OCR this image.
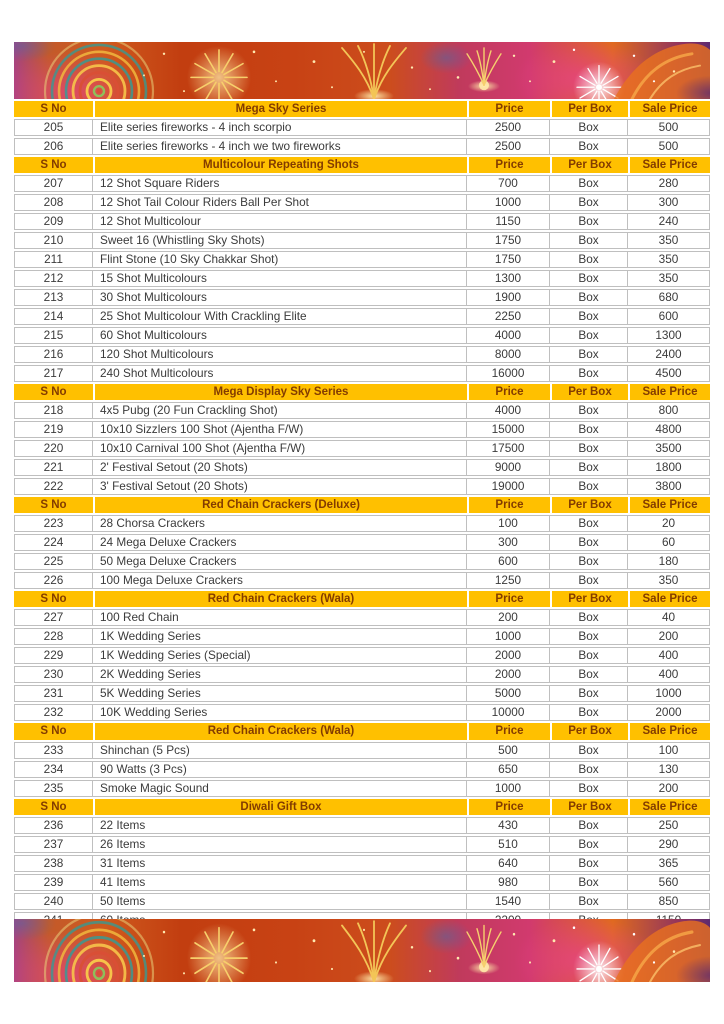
S No	Mega Sky Series	Price	Per Box	Sale Price
205	Elite series fireworks - 4 inch scorpio	2500	Box	500
206	Elite series fireworks - 4 inch we two fireworks	2500	Box	500
S No	Multicolour Repeating Shots	Price	Per Box	Sale Price
207	12 Shot Square Riders	700	Box	280
208	12 Shot Tail Colour Riders Ball Per Shot	1000	Box	300
209	12 Shot Multicolour	1150	Box	240
210	Sweet 16 (Whistling Sky Shots)	1750	Box	350
211	Flint Stone (10 Sky Chakkar Shot)	1750	Box	350
212	15 Shot Multicolours	1300	Box	350
213	30 Shot Multicolours	1900	Box	680
214	25 Shot Multicolour With Crackling Elite	2250	Box	600
215	60 Shot Multicolours	4000	Box	1300
216	120 Shot Multicolours	8000	Box	2400
217	240 Shot Multicolours	16000	Box	4500
S No	Mega Display Sky Series	Price	Per Box	Sale Price
218	4x5 Pubg (20 Fun Crackling Shot)	4000	Box	800
219	10x10 Sizzlers 100 Shot (Ajentha F/W)	15000	Box	4800
220	10x10 Carnival 100 Shot (Ajentha F/W)	17500	Box	3500
221	2' Festival Setout (20 Shots)	9000	Box	1800
222	3' Festival Setout (20 Shots)	19000	Box	3800
S No	Red Chain Crackers (Deluxe)	Price	Per Box	Sale Price
223	28 Chorsa Crackers	100	Box	20
224	24 Mega Deluxe Crackers	300	Box	60
225	50 Mega Deluxe Crackers	600	Box	180
226	100 Mega Deluxe Crackers	1250	Box	350
S No	Red Chain Crackers (Wala)	Price	Per Box	Sale Price
227	100 Red Chain	200	Box	40
228	1K Wedding Series	1000	Box	200
229	1K Wedding Series (Special)	2000	Box	400
230	2K Wedding Series	2000	Box	400
231	5K Wedding Series	5000	Box	1000
232	10K Wedding Series	10000	Box	2000
S No	Red Chain Crackers (Wala)	Price	Per Box	Sale Price
233	Shinchan (5 Pcs)	500	Box	100
234	90 Watts (3 Pcs)	650	Box	130
235	Smoke Magic Sound	1000	Box	200
S No	Diwali Gift Box	Price	Per Box	Sale Price
236	22 Items	430	Box	250
237	26 Items	510	Box	290
238	31 Items	640	Box	365
239	41 Items	980	Box	560
240	50 Items	1540	Box	850
